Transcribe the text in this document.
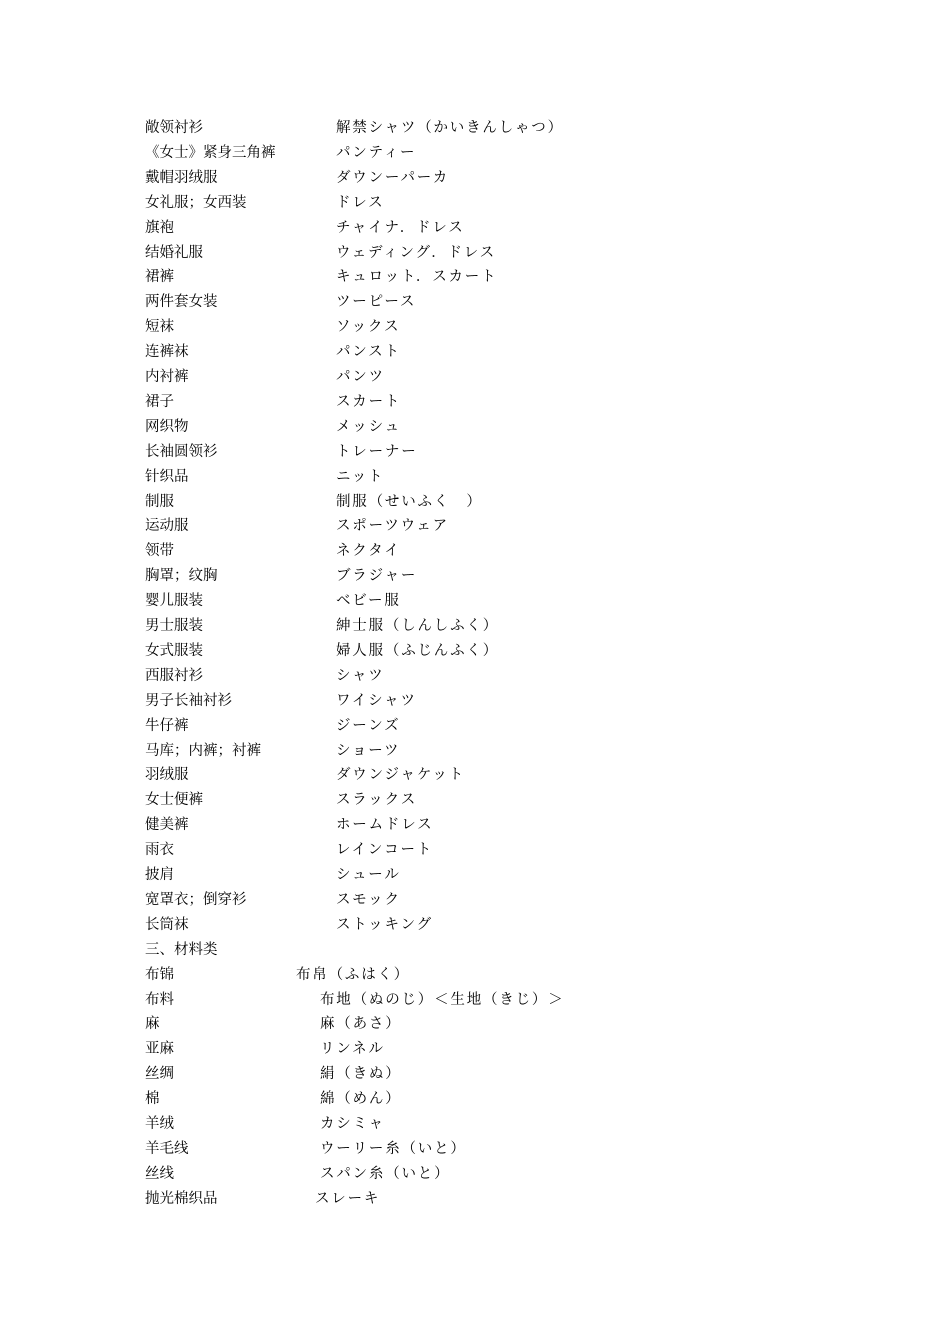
敞领衬衫	解禁シャツ（かいきんしゃつ）
《女士》紧身三角裤	パンティー
戴帽羽绒服	ダウンーパーカ
女礼服；女西装	ドレス
旗袍	チャイナ．ドレス
结婚礼服	ウェディング．ドレス
裙裤	キュロット．スカート
两件套女装	ツーピース
短袜	ソックス
连裤袜	パンスト
内衬裤	パンツ
裙子	スカート
网织物	メッシュ
长袖圆领衫	トレーナー
针织品	ニット
制服	制服（せいふく　）
运动服	スポーツウェア
领带	ネクタイ
胸罩；纹胸	ブラジャー
婴儿服装	ベビー服
男士服装	紳士服（しんしふく）
女式服装	婦人服（ふじんふく）
西服衬衫	シャツ
男子长袖衬衫	ワイシャツ
牛仔裤	ジーンズ
马库；内裤；衬裤	ショーツ
羽绒服	ダウンジャケット
女士便裤	スラックス
健美裤	ホームドレス
雨衣	レインコート
披肩	シュール
宽罩衣；倒穿衫	スモック
长筒袜	ストッキング
三、材料类
布锦	布帛（ふはく）
布料	布地（ぬのじ）＜生地（きじ）＞
麻	麻（あさ）
亚麻	リンネル
丝绸	絹（きぬ）
棉	綿（めん）
羊绒	カシミャ
羊毛线	ウーリー糸（いと）
丝线	スパン糸（いと）
抛光棉织品	スレーキ
